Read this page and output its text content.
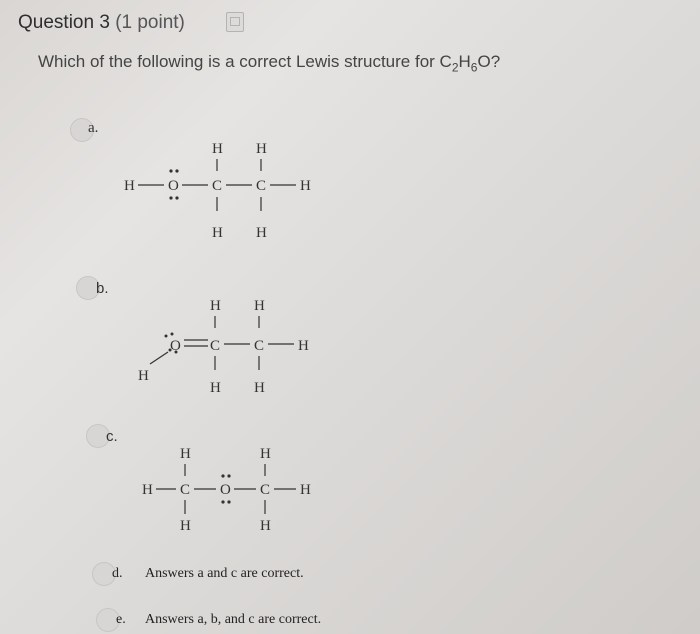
Question 3 (1 point)
Which of the following is a correct Lewis structure for $C_2H_6O$?
a.
H H
H O C C H
H H
b.
H H
O C C H
H
H H
c.
H	H
H C O C H
H	H
d. Answers a and c are correct.
e. Answers a, b, and c are correct.
